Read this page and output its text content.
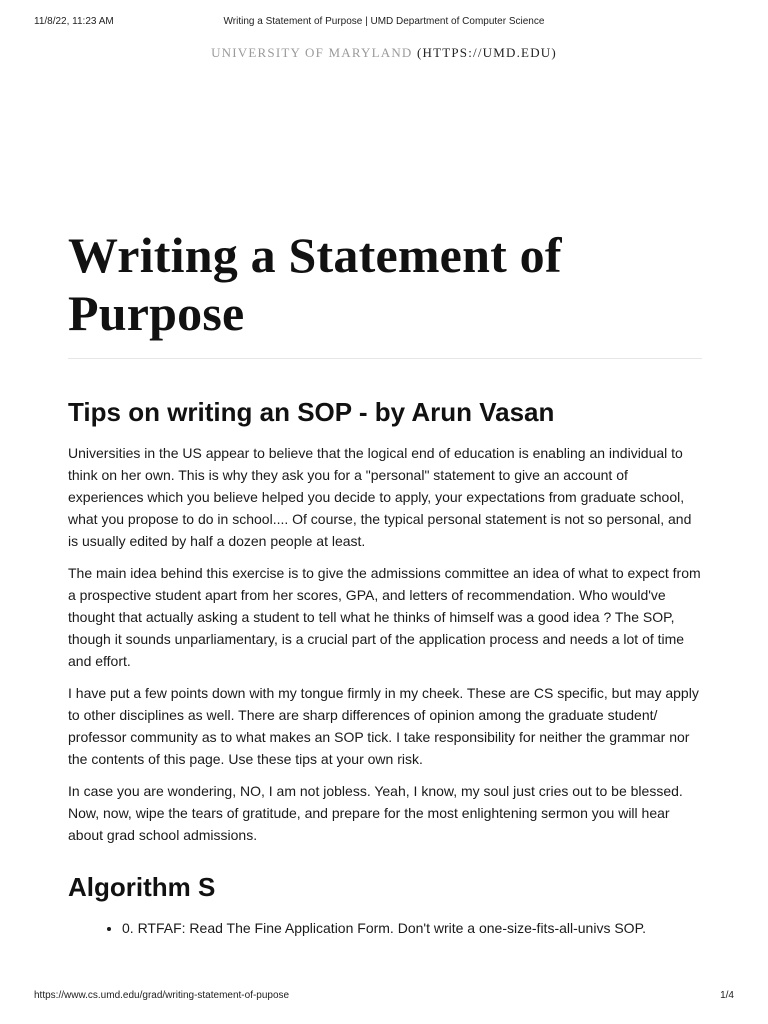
11/8/22, 11:23 AM	Writing a Statement of Purpose | UMD Department of Computer Science
UNIVERSITY OF MARYLAND (HTTPS://UMD.EDU)
Writing a Statement of Purpose
Tips on writing an SOP - by Arun Vasan

Universities in the US appear to believe that the logical end of education is enabling an individual to think on her own. This is why they ask you for a "personal" statement to give an account of experiences which you believe helped you decide to apply, your expectations from graduate school, what you propose to do in school.... Of course, the typical personal statement is not so personal, and is usually edited by half a dozen people at least.

The main idea behind this exercise is to give the admissions committee an idea of what to expect from a prospective student apart from her scores, GPA, and letters of recommendation. Who would've thought that actually asking a student to tell what he thinks of himself was a good idea ? The SOP, though it sounds unparliamentary, is a crucial part of the application process and needs a lot of time and effort.

I have put a few points down with my tongue firmly in my cheek. These are CS specific, but may apply to other disciplines as well. There are sharp differences of opinion among the graduate student/ professor community as to what makes an SOP tick. I take responsibility for neither the grammar nor the contents of this page. Use these tips at your own risk.

In case you are wondering, NO, I am not jobless. Yeah, I know, my soul just cries out to be blessed. Now, now, wipe the tears of gratitude, and prepare for the most enlightening sermon you will hear about grad school admissions.

Algorithm S
• 0. RTFAF: Read The Fine Application Form. Don't write a one-size-fits-all-univs SOP.
https://www.cs.umd.edu/grad/writing-statement-of-pupose	1/4
